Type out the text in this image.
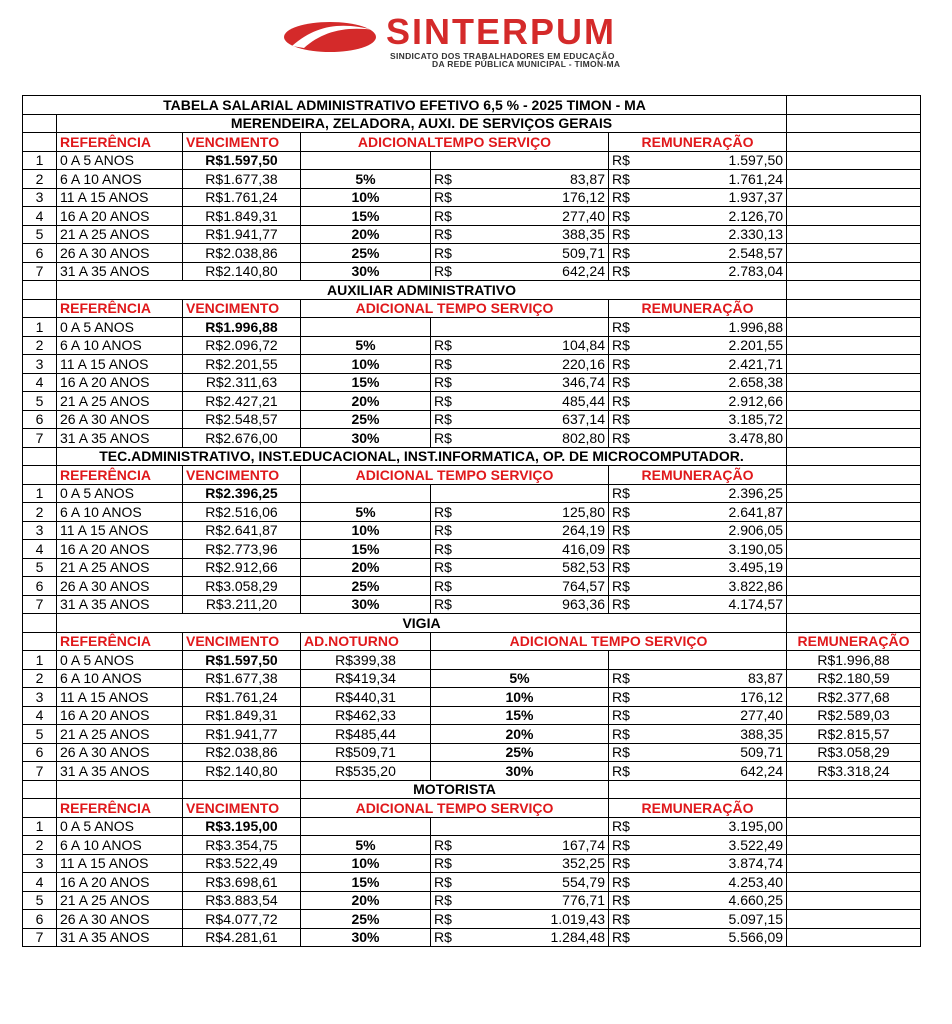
SINTERPUM
SINDICATO DOS TRABALHADORES EM EDUCAÇÃO
DA REDE PÚBLICA MUNICIPAL - TIMON-MA
TABELA SALARIAL ADMINISTRATIVO EFETIVO 6,5 % - 2025 TIMON - MA						
	MERENDEIRA, ZELADORA, AUXI. DE SERVIÇOS GERAIS					
	REFERÊNCIA	VENCIMENTO	ADICIONALTEMPO SERVIÇO		REMUNERAÇÃO	
1	0 A 5 ANOS	R$1.597,50			R$ 1.597,50	

2	6 A 10 ANOS	R$1.677,38	5%	R$ 83,87	R$ 1.761,24	

3	11 A 15 ANOS	R$1.761,24	10%	R$ 176,12	R$ 1.937,37	

4	16 A 20 ANOS	R$1.849,31	15%	R$ 277,40	R$ 2.126,70	

5	21 A 25 ANOS	R$1.941,77	20%	R$ 388,35	R$ 2.330,13	

6	26 A 30 ANOS	R$2.038,86	25%	R$ 509,71	R$ 2.548,57	

7	31 A 35 ANOS	R$2.140,80	30%	R$ 642,24	R$ 2.783,04	

	AUXILIAR ADMINISTRATIVO					
	REFERÊNCIA	VENCIMENTO	ADICIONAL TEMPO SERVIÇO		REMUNERAÇÃO	
1	0 A 5 ANOS	R$1.996,88			R$ 1.996,88	

2	6 A 10 ANOS	R$2.096,72	5%	R$ 104,84	R$ 2.201,55	

3	11 A 15 ANOS	R$2.201,55	10%	R$ 220,16	R$ 2.421,71	

4	16 A 20 ANOS	R$2.311,63	15%	R$ 346,74	R$ 2.658,38	

5	21 A 25 ANOS	R$2.427,21	20%	R$ 485,44	R$ 2.912,66	

6	26 A 30 ANOS	R$2.548,57	25%	R$ 637,14	R$ 3.185,72	

7	31 A 35 ANOS	R$2.676,00	30%	R$ 802,80	R$ 3.478,80	

	TEC.ADMINISTRATIVO, INST.EDUCACIONAL, INST.INFORMATICA, OP. DE MICROCOMPUTADOR.					
	REFERÊNCIA	VENCIMENTO	ADICIONAL TEMPO SERVIÇO		REMUNERAÇÃO	
1	0 A 5 ANOS	R$2.396,25			R$ 2.396,25	

2	6 A 10 ANOS	R$2.516,06	5%	R$ 125,80	R$ 2.641,87	

3	11 A 15 ANOS	R$2.641,87	10%	R$ 264,19	R$ 2.906,05	

4	16 A 20 ANOS	R$2.773,96	15%	R$ 416,09	R$ 3.190,05	

5	21 A 25 ANOS	R$2.912,66	20%	R$ 582,53	R$ 3.495,19	

6	26 A 30 ANOS	R$3.058,29	25%	R$ 764,57	R$ 3.822,86	

7	31 A 35 ANOS	R$3.211,20	30%	R$ 963,36	R$ 4.174,57	

	VIGIA					
	REFERÊNCIA	VENCIMENTO	AD.NOTURNO	ADICIONAL TEMPO SERVIÇO		REMUNERAÇÃO
1	0 A 5 ANOS	R$1.597,50	R$399,38			R$1.996,88
2	6 A 10 ANOS	R$1.677,38	R$419,34	5%	R$ 83,87	R$2.180,59
3	11 A 15 ANOS	R$1.761,24	R$440,31	10%	R$ 176,12	R$2.377,68
4	16 A 20 ANOS	R$1.849,31	R$462,33	15%	R$ 277,40	R$2.589,03
5	21 A 25 ANOS	R$1.941,77	R$485,44	20%	R$ 388,35	R$2.815,57
6	26 A 30 ANOS	R$2.038,86	R$509,71	25%	R$ 509,71	R$3.058,29
7	31 A 35 ANOS	R$2.140,80	R$535,20	30%	R$ 642,24	R$3.318,24
			MOTORISTA			
	REFERÊNCIA	VENCIMENTO	ADICIONAL TEMPO SERVIÇO		REMUNERAÇÃO	
1	0 A 5 ANOS	R$3.195,00			R$ 3.195,00	

2	6 A 10 ANOS	R$3.354,75	5%	R$ 167,74	R$ 3.522,49	

3	11 A 15 ANOS	R$3.522,49	10%	R$ 352,25	R$ 3.874,74	

4	16 A 20 ANOS	R$3.698,61	15%	R$ 554,79	R$ 4.253,40	

5	21 A 25 ANOS	R$3.883,54	20%	R$ 776,71	R$ 4.660,25	

6	26 A 30 ANOS	R$4.077,72	25%	R$ 1.019,43	R$ 5.097,15	

7	31 A 35 ANOS	R$4.281,61	30%	R$ 1.284,48	R$ 5.566,09	
